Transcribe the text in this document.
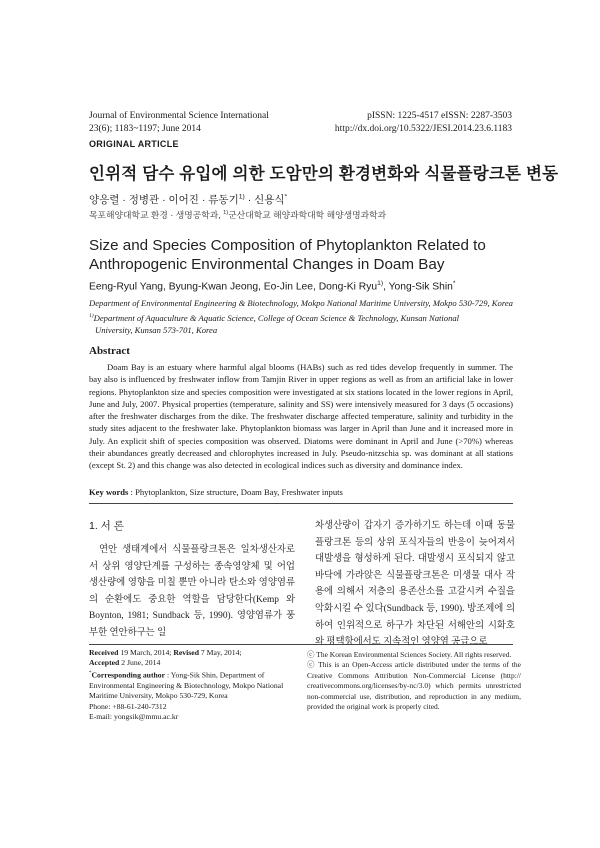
Journal of Environmental Science International
23(6); 1183~1197; June 2014
pISSN: 1225-4517 eISSN: 2287-3503
http://dx.doi.org/10.5322/JESI.2014.23.6.1183
ORIGINAL ARTICLE
인위적 담수 유입에 의한 도암만의 환경변화와 식물플랑크톤 변동
양응렬 · 정병관 · 이어진 · 류동기$^{1)}$ · 신용식*
목포해양대학교 환경 · 생명공학과, $^{1)}$군산대학교 해양과학대학 해양생명과학과
Size and Species Composition of Phytoplankton Related to Anthropogenic Environmental Changes in Doam Bay
Eeng-Ryul Yang, Byung-Kwan Jeong, Eo-Jin Lee, Dong-Ki Ryu$^{1)}$, Yong-Sik Shin*
Department of Environmental Engineering & Biotechnology, Mokpo National Maritime University, Mokpo 530-729, Korea
$^{1)}$Department of Aquaculture & Aquatic Science, College of Ocean Science & Technology, Kunsan National
University, Kunsan 573-701, Korea
Abstract
Doam Bay is an estuary where harmful algal blooms (HABs) such as red tides develop frequently in summer. The bay also is influenced by freshwater inflow from Tamjin River in upper regions as well as from an artificial lake in lower regions. Phytoplankton size and species composition were investigated at six stations located in the lower regions in April, June and July, 2007. Physical properties (temperature, salinity and SS) were intensively measured for 3 days (5 occasions) after the freshwater discharges from the dike. The freshwater discharge affected temperature, salinity and turbidity in the study sites adjacent to the freshwater lake. Phytoplankton biomass was larger in April than June and it increased more in July. An explicit shift of species composition was observed. Diatoms were dominant in April and June (>70%) whereas their abundances greatly decreased and chlorophytes increased in July. Pseudo-nitzschia sp. was dominant at all stations (except St. 2) and this change was also detected in ecological indices such as diversity and dominance index.
Key words : Phytoplankton, Size structure, Doam Bay, Freshwater inputs
1. 서 론
연안 생태계에서 식물플랑크톤은 일차생산자로서 상위 영양단계를 구성하는 종속영양체 및 어업 생산량에 영향을 미칠 뿐만 아니라 탄소와 영양염류의 순환에도 중요한 역할을 담당한다(Kemp 와 Boynton, 1981; Sundback 등, 1990). 영양염류가 풍부한 연안하구는 일
차생산량이 갑자기 증가하기도 하는데 이때 동물플랑크톤 등의 상위 포식자들의 반응이 늦어져서 대발생을 형성하게 된다. 대발생시 포식되지 않고 바닥에 가라앉은 식물플랑크톤은 미생물 대사 작용에 의해서 저층의 용존산소를 고갈시켜 수질을 악화시킬 수 있다(Sundback 등, 1990). 방조제에 의하여 인위적으로 하구가 차단된 서해안의 시화호와 평택항에서도 지속적인 영양염 공급으로
Received 19 March, 2014; Revised 7 May, 2014;
Accepted 2 June, 2014
*Corresponding author : Yong-Sik Shin, Department of Environmental Engineering & Biotechnology, Mokpo National Maritime University, Mokpo 530-729, Korea
Phone: +88-61-240-7312
E-mail: yongsik@mmu.ac.kr
ⓒ The Korean Environmental Sciences Society. All rights reserved.
ⓒ This is an Open-Access article distributed under the terms of the Creative Commons Attribution Non-Commercial License (http:// creativecommons.org/licenses/by-nc/3.0) which permits unrestricted non-commercial use, distribution, and reproduction in any medium, provided the original work is properly cited.
